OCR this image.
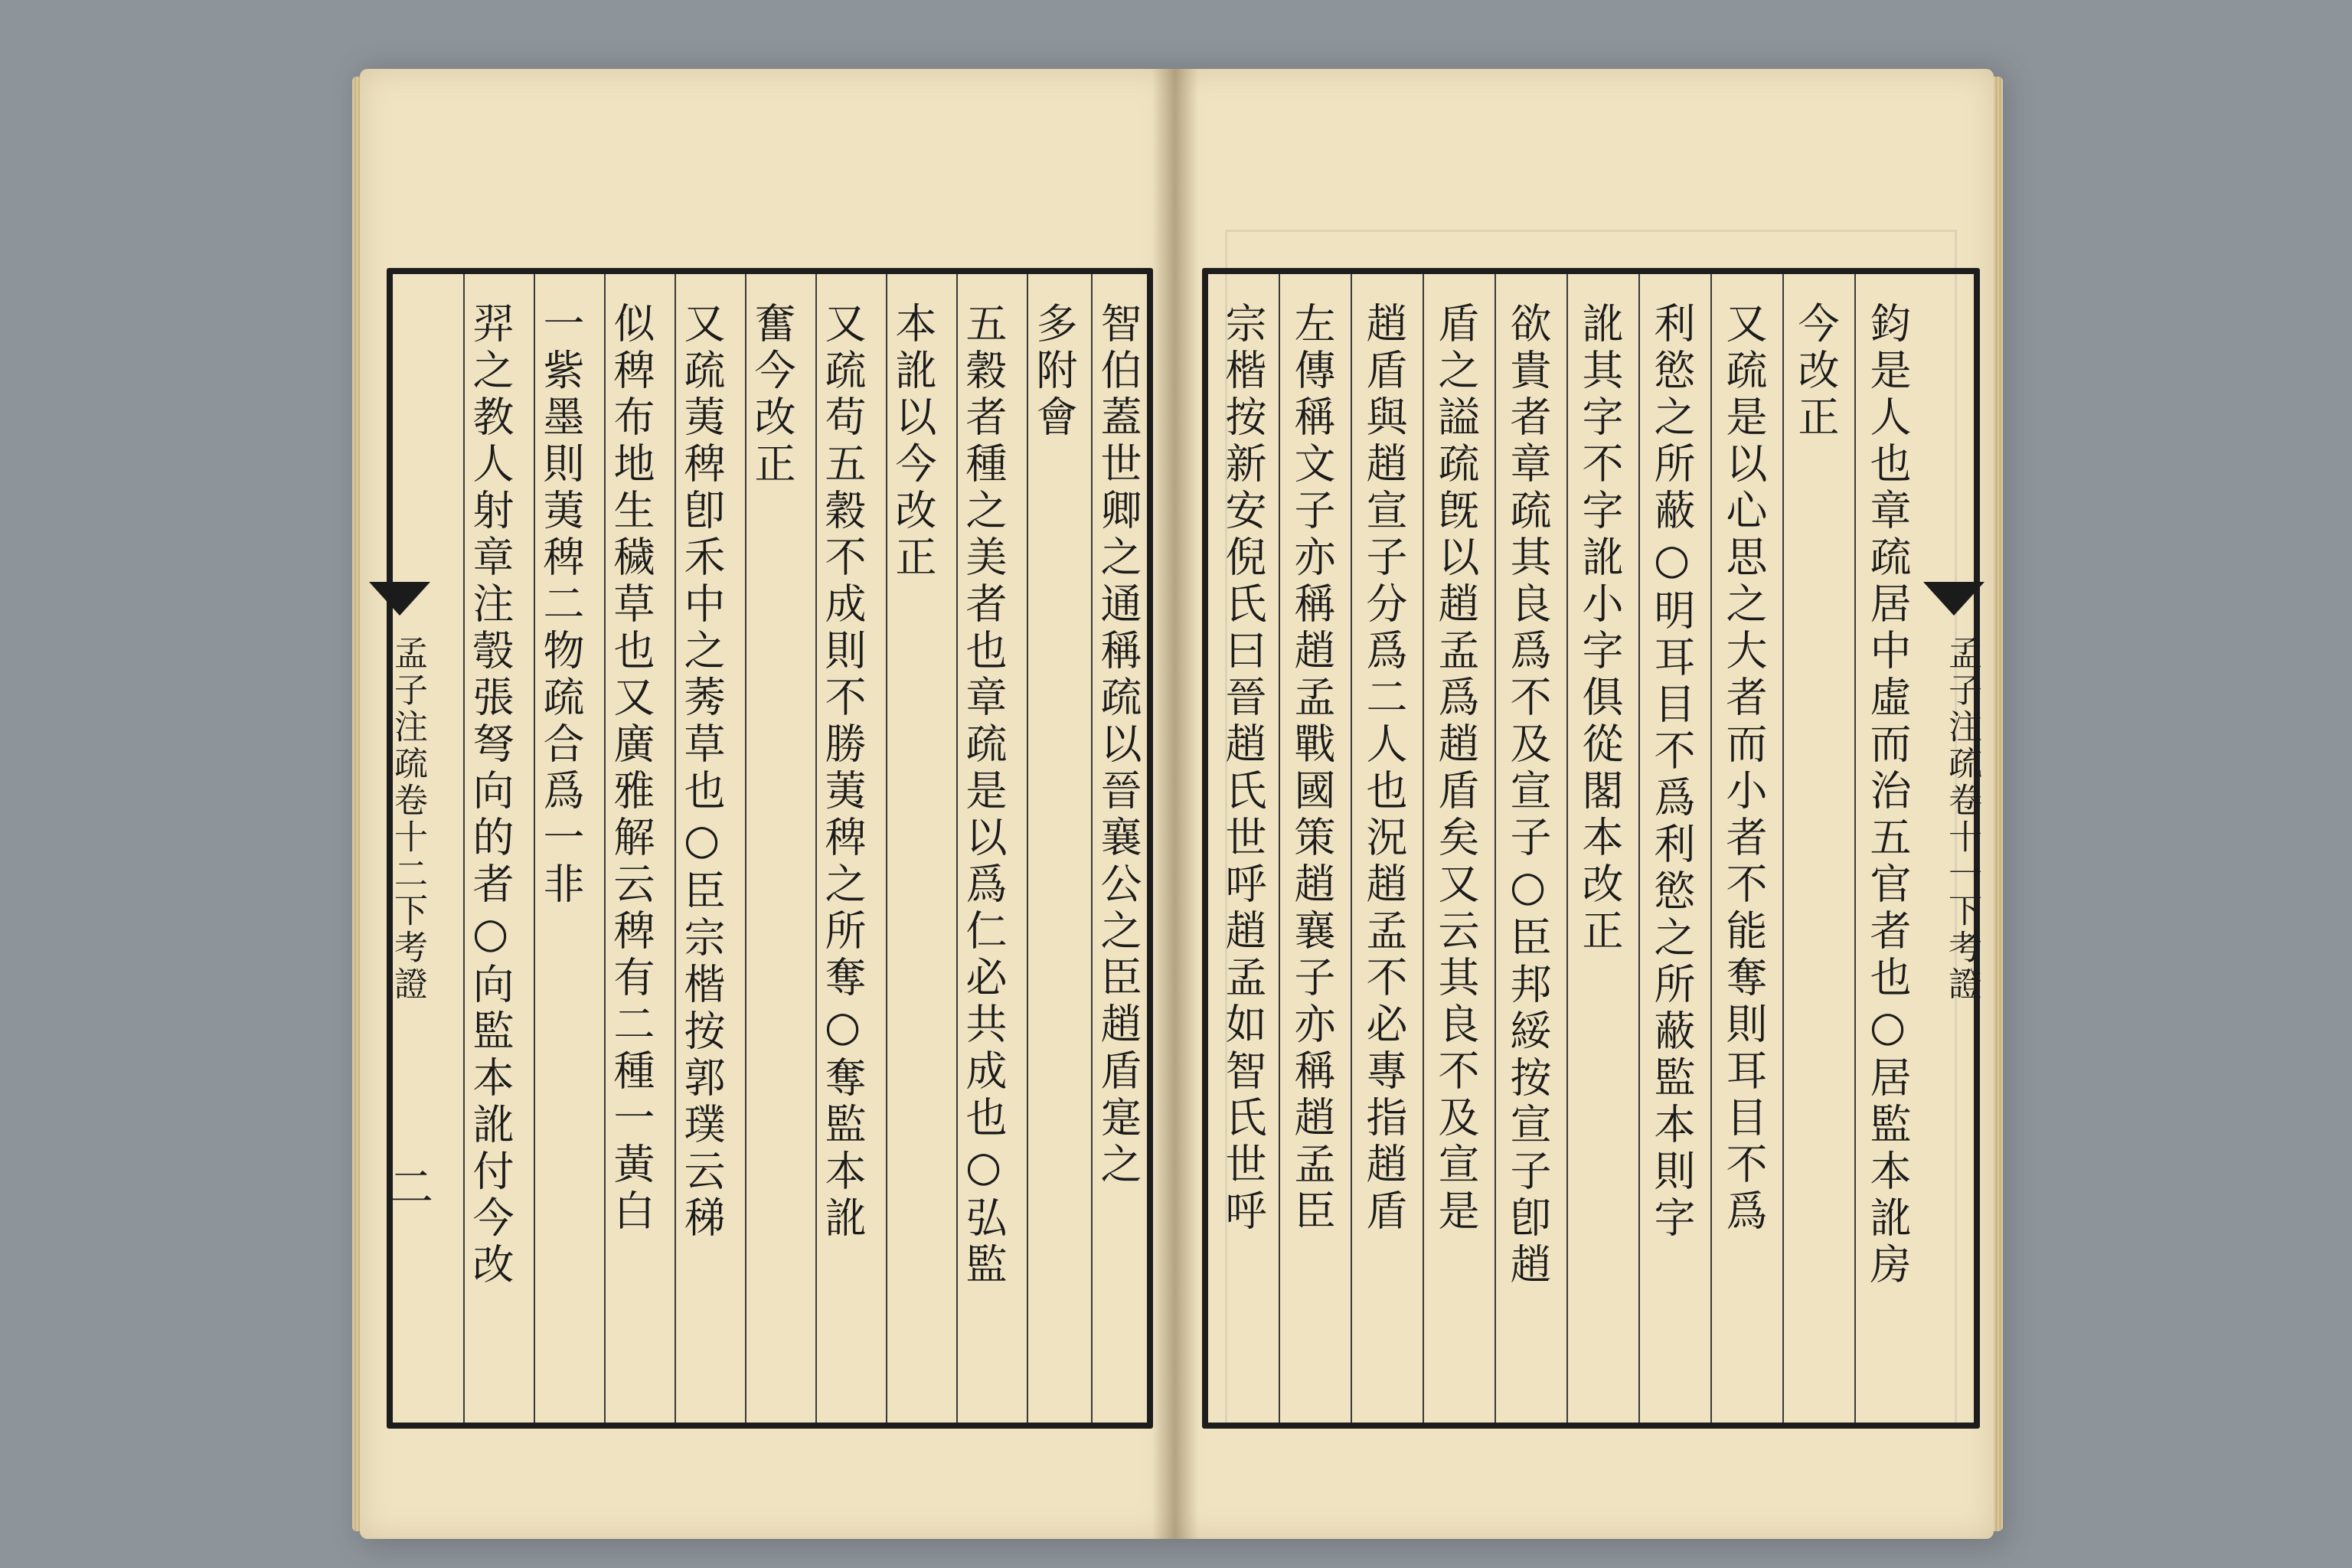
智伯蓋世卿之通稱疏以晉襄公之臣趙盾寔之
多附會
五穀者種之美者也章疏是以爲仁必共成也○弘監
本訛以今改正
又疏苟五穀不成則不勝荑稗之所奪○奪監本訛
奮今改正
又疏荑稗卽禾中之莠草也○臣宗楷按郭璞云稊
似稗布地生穢草也又廣雅解云稗有二種一黃白
一紫墨則荑稗二物疏合爲一非
羿之教人射章注彀張弩向的者○向監本訛付今改
孟子注疏卷十二下考證
二	鈞是人也章疏居中虛而治五官者也○居監本訛房
今改正
又疏是以心思之大者而小者不能奪則耳目不爲
利慾之所蔽○明耳目不爲利慾之所蔽監本則字
訛其字不字訛小字俱從閣本改正
欲貴者章疏其良爲不及宣子○臣邦綏按宣子卽趙
盾之謚疏旣以趙孟爲趙盾矣又云其良不及宣是
趙盾與趙宣子分爲二人也況趙孟不必專指趙盾
左傳稱文子亦稱趙孟戰國策趙襄子亦稱趙孟臣
宗楷按新安倪氏曰晉趙氏世呼趙孟如智氏世呼	孟子注疏卷十一下考證
